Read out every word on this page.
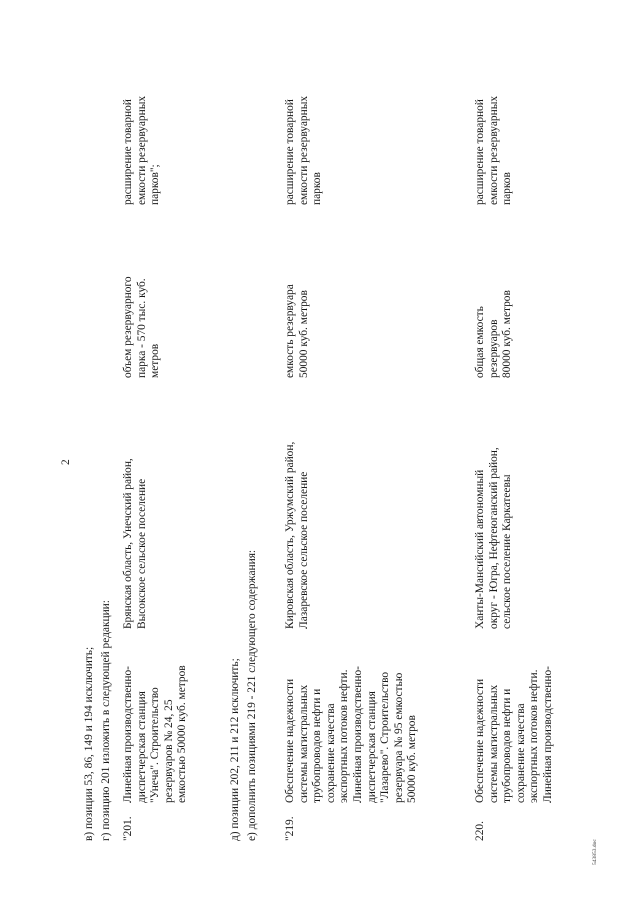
2
в) позиции 53, 86, 149 и 194 исключить; г) позицию 201 изложить в следующей редакции: "201.
Линейная производственно- диспетчерская станция "Унеча". Строительство резервуаров № 24, 25 емкостью 50000 куб. метров
Брянская область, Унечский район, Высокское сельское поселение
объем резервуарного парка - 570 тыс. куб. метров
расширение товарной емкости резервуарных парков";
д) позиции 202, 211 и 212 исключить; е) дополнить позициями 219 - 221 следующего содержания: "219.
Обеспечение надежности системы магистральных трубопроводов нефти и сохранение качества экспортных потоков нефти. Линейная производственно- диспетчерская станция "Лазарево". Строительство резервуара № 95 емкостью 50000 куб. метров
Кировская область, Уржумский район, Лазаревское сельское поселение
емкость резервуара 50000 куб. метров
расширение товарной емкости резервуарных парков
220.
Обеспечение надежности системы магистральных трубопроводов нефти и сохранение качества экспортных потоков нефти. Линейная производственно-
Ханты-Мансийский автономный округ - Югра, Нефтеюганский район, сельское поселение Каркатеевы
общая емкость резервуаров 80000 куб. метров
расширение товарной емкости резервуарных парков
543853.doc
